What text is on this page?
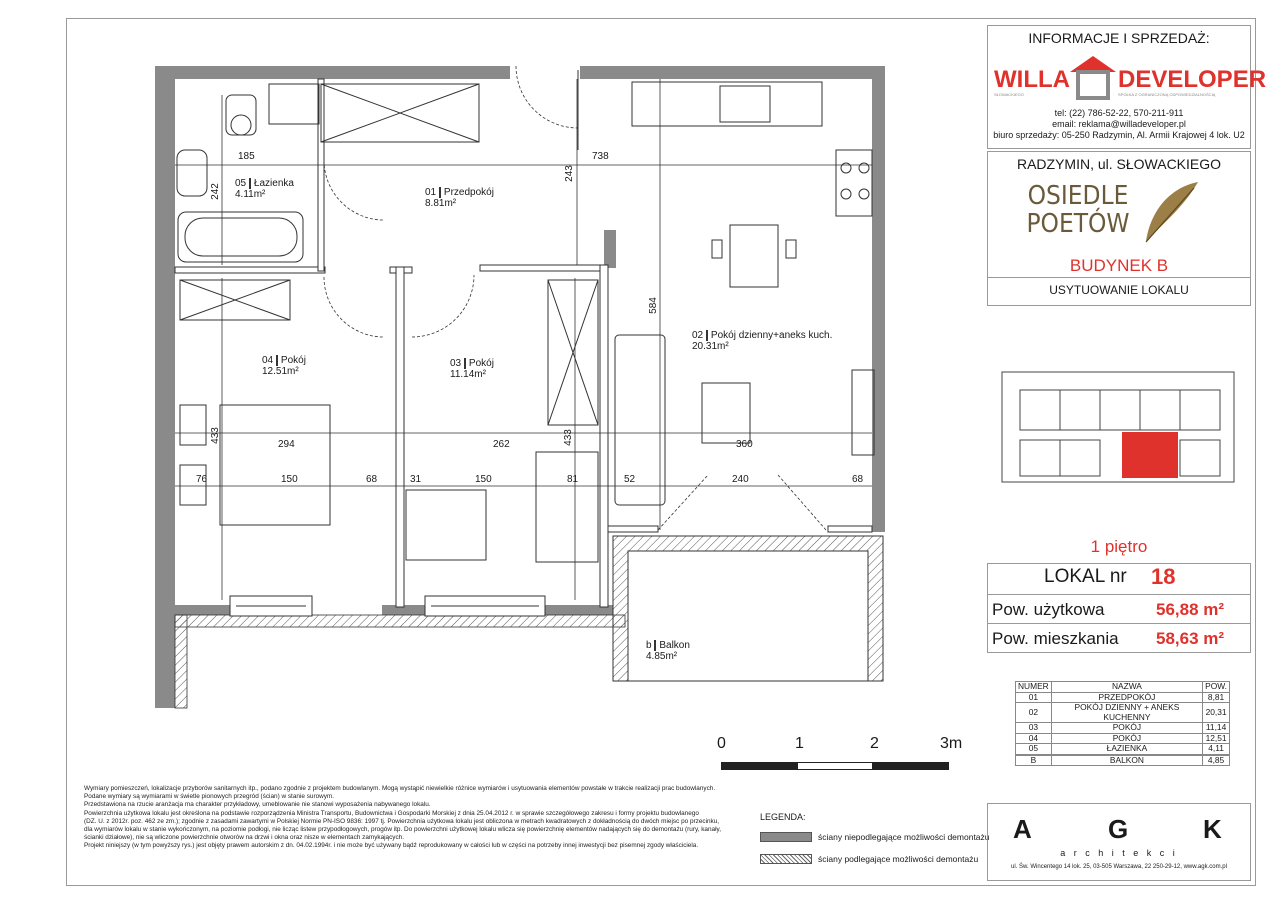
05 Łazienka
4.11m²	01 Przedpokój
8.81m²
02 Pokój dzienny+aneks kuch.
20.31m²
04 Pokój
12.51m²
03 Pokój
11.14m²
b Balkon
4.85m²
185	738
242
243
584
433	433
294	262	360
76	150	68	31	150	81	52	240	68
0	1	2	3m

Wymiary pomieszczeń, lokalizacje przyborów sanitarnych itp., podano zgodnie z projektem budowlanym. Mogą wystąpić niewielkie różnice wymiarów i usytuowania elementów powstałe w trakcie realizacji prac budowlanych.

Podane wymiary są wymiarami w świetle pionowych przegród (ścian) w stanie surowym.

Przedstawiona na rzucie aranżacja ma charakter przykładowy, umeblowanie nie stanowi wyposażenia nabywanego lokalu.

Powierzchnia użytkowa lokalu jest określona na podstawie rozporządzenia Ministra Transportu, Budownictwa i Gospodarki Morskiej z dnia 25.04.2012 r. w sprawie szczegółowego zakresu i formy projektu budowlanego

(DZ. U. z 2012r. poz. 462 ze zm.); zgodnie z zasadami zawartymi w Polskiej Normie PN-ISO 9836: 1997 tj. Powierzchnia użytkowa lokalu jest obliczona w metrach kwadratowych z dokładnością do dwóch miejsc po przecinku,

dla wymiarów lokalu w stanie wykończonym, na poziomie podłogi, nie licząc listew przypodłogowych, progów itp. Do powierzchni użytkowej lokalu wlicza się powierzchnię elementów nadających się do demontażu (rury, kanały,

ścianki działowe), nie są wliczone powierzchnie otworów na drzwi i okna oraz nisze w elementach zamykających.

Projekt niniejszy (w tym powyższy rys.) jest objęty prawem autorskim z dn. 04.02.1994r. i nie może być używany bądź reprodukowany w całości lub w części na potrzeby innej inwestycji bez pisemnej zgody właściciela.

LEGENDA:
ściany niepodlegające możliwości demontażu
ściany podlegające możliwości demontażu
INFORMACJE I SPRZEDAŻ:
WILLA DEVELOPER
SŁOWACKIEGO	SPÓŁKA Z OGRANICZONĄ ODPOWIEDZIALNOŚCIĄ
tel: (22) 786-52-22, 570-211-911
email: reklama@willadeveloper.pl
biuro sprzedaży: 05-250 Radzymin, Al. Armii Krajowej 4 lok. U2
RADZYMIN, ul. SŁOWACKIEGO
OSIEDLE
POETÓW
BUDYNEK B
USYTUOWANIE LOKALU
1 piętro
LOKAL nr 18
Pow. użytkowa	56,88 m²
Pow. mieszkania 58,63 m²
NUMER	NAZWA	POW.
01	PRZEDPOKÓJ	8,81
02	POKÓJ DZIENNY + ANEKS KUCHENNY	20,31
03	POKÓJ	11,14
04	POKÓJ	12,51
05	ŁAZIENKA	4,11

B	BALKON	4,85
A	G	K
a r c h i t e k c i
ul. Św. Wincentego 14 lok. 25, 03-505 Warszawa, 22 250-29-12, www.agk.com.pl
